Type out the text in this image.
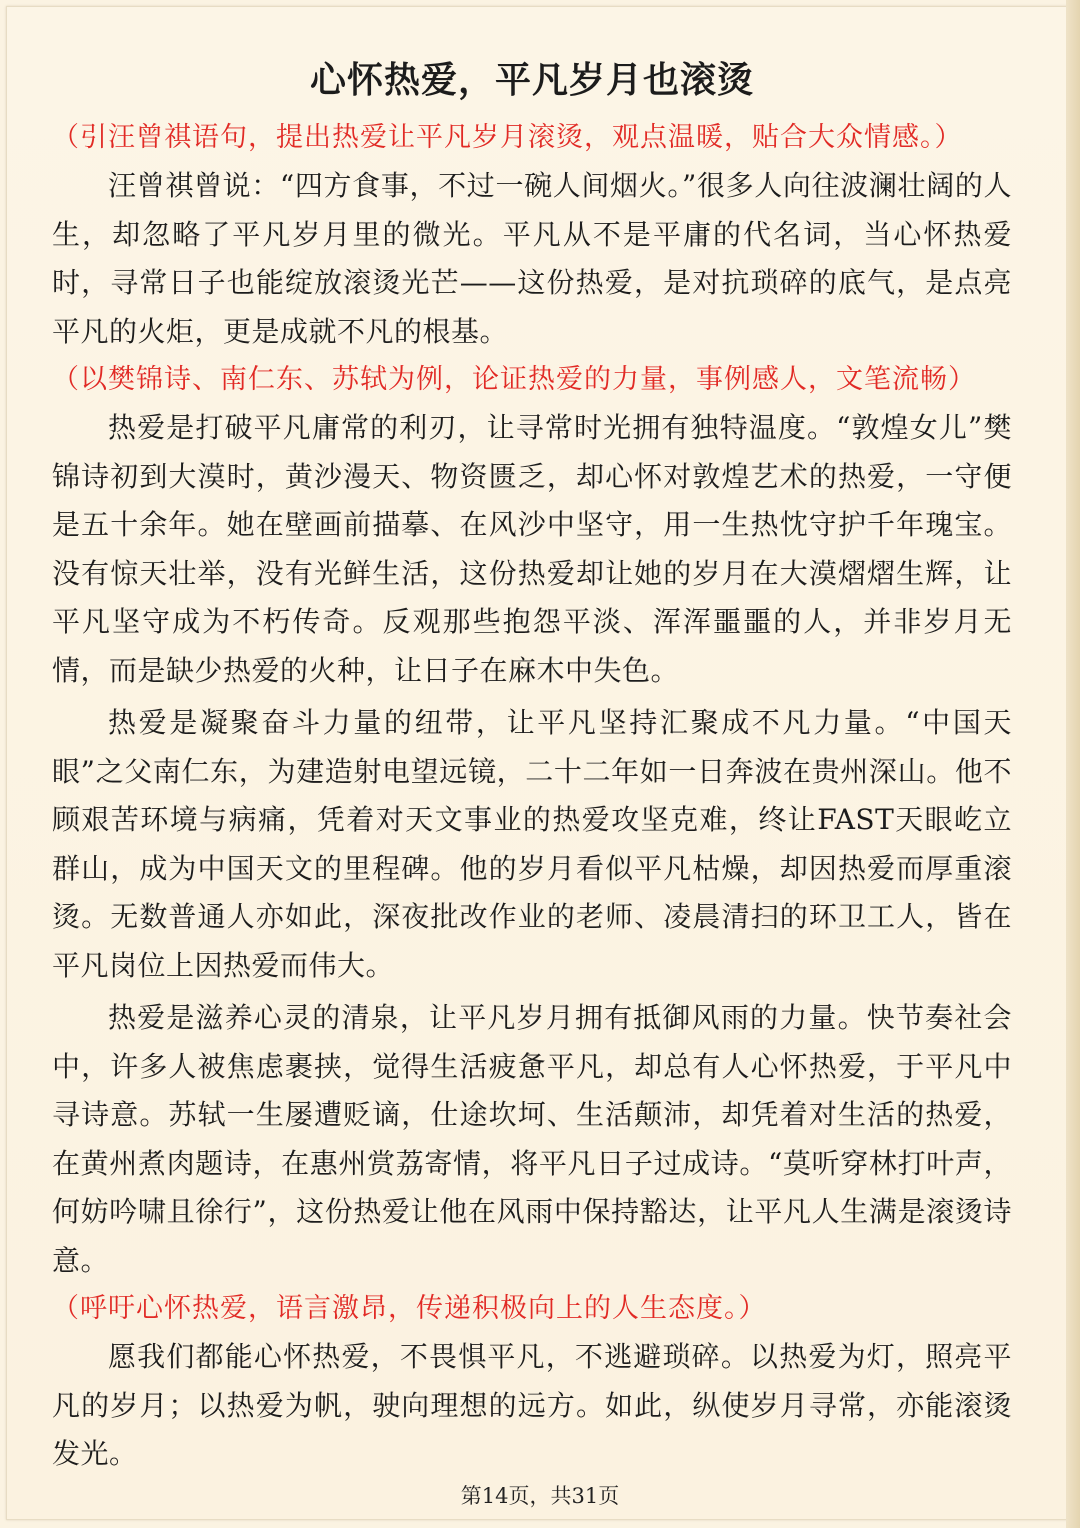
心怀热爱，平凡岁月也滚烫

（引汪曾祺语句，提出热爱让平凡岁月滚烫，观点温暖，贴合大众情感。）

汪曾祺曾说：“四方食事，不过一碗人间烟火。”很多人向往波澜壮阔的人生，却忽略了平凡岁月里的微光。平凡从不是平庸的代名词，当心怀热爱时，寻常日子也能绽放滚烫光芒——这份热爱，是对抗琐碎的底气，是点亮平凡的火炬，更是成就不凡的根基。

（以樊锦诗、南仁东、苏轼为例，论证热爱的力量，事例感人，文笔流畅）

热爱是打破平凡庸常的利刃，让寻常时光拥有独特温度。“敦煌女儿”樊锦诗初到大漠时，黄沙漫天、物资匮乏，却心怀对敦煌艺术的热爱，一守便是五十余年。她在壁画前描摹、在风沙中坚守，用一生热忱守护千年瑰宝。没有惊天壮举，没有光鲜生活，这份热爱却让她的岁月在大漠熠熠生辉，让平凡坚守成为不朽传奇。反观那些抱怨平淡、浑浑噩噩的人，并非岁月无情，而是缺少热爱的火种，让日子在麻木中失色。

热爱是凝聚奋斗力量的纽带，让平凡坚持汇聚成不凡力量。“中国天眼”之父南仁东，为建造射电望远镜，二十二年如一日奔波在贵州深山。他不顾艰苦环境与病痛，凭着对天文事业的热爱攻坚克难，终让FAST天眼屹立群山，成为中国天文的里程碑。他的岁月看似平凡枯燥，却因热爱而厚重滚烫。无数普通人亦如此，深夜批改作业的老师、凌晨清扫的环卫工人，皆在平凡岗位上因热爱而伟大。

热爱是滋养心灵的清泉，让平凡岁月拥有抵御风雨的力量。快节奏社会中，许多人被焦虑裹挟，觉得生活疲惫平凡，却总有人心怀热爱，于平凡中寻诗意。苏轼一生屡遭贬谪，仕途坎坷、生活颠沛，却凭着对生活的热爱，在黄州煮肉题诗，在惠州赏荔寄情，将平凡日子过成诗。“莫听穿林打叶声，何妨吟啸且徐行”，这份热爱让他在风雨中保持豁达，让平凡人生满是滚烫诗意。

（呼吁心怀热爱，语言激昂，传递积极向上的人生态度。）

愿我们都能心怀热爱，不畏惧平凡，不逃避琐碎。以热爱为灯，照亮平凡的岁月；以热爱为帆，驶向理想的远方。如此，纵使岁月寻常，亦能滚烫发光。

第14页，共31页
